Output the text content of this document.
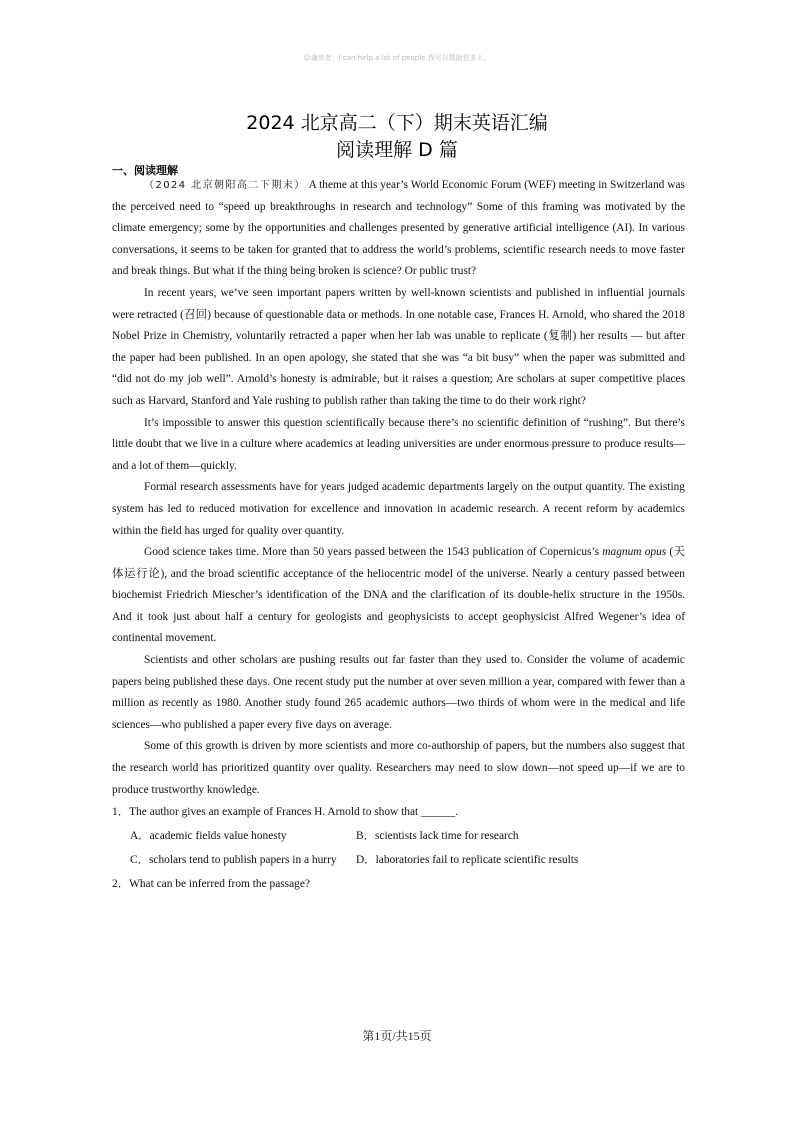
☺谦卑者：I can help a lot of people.我可以帮助很多人。
2024 北京高二（下）期末英语汇编
阅读理解 D 篇
一、阅读理解

（2024 北京朝阳高二下期末） A theme at this year’s World Economic Forum (WEF) meeting in Switzerland was the perceived need to “speed up breakthroughs in research and technology” Some of this framing was motivated by the climate emergency; some by the opportunities and challenges presented by generative artificial intelligence (AI). In various conversations, it seems to be taken for granted that to address the world’s problems, scientific research needs to move faster and break things. But what if the thing being broken is science? Or public trust?

In recent years, we’ve seen important papers written by well-known scientists and published in influential journals were retracted (召回) because of questionable data or methods. In one notable case, Frances H. Arnold, who shared the 2018 Nobel Prize in Chemistry, voluntarily retracted a paper when her lab was unable to replicate (复制) her results — but after the paper had been published. In an open apology, she stated that she was “a bit busy” when the paper was submitted and “did not do my job well”. Arnold’s honesty is admirable, but it raises a question; Are scholars at super competitive places such as Harvard, Stanford and Yale rushing to publish rather than taking the time to do their work right?

It’s impossible to answer this question scientifically because there’s no scientific definition of “rushing”. But there’s little doubt that we live in a culture where academics at leading universities are under enormous pressure to produce results—and a lot of them—quickly.

Formal research assessments have for years judged academic departments largely on the output quantity. The existing system has led to reduced motivation for excellence and innovation in academic research. A recent reform by academics within the field has urged for quality over quantity.

Good science takes time. More than 50 years passed between the 1543 publication of Copernicus’s magnum opus (天体运行论), and the broad scientific acceptance of the heliocentric model of the universe. Nearly a century passed between biochemist Friedrich Miescher’s identification of the DNA and the clarification of its double-helix structure in the 1950s. And it took just about half a century for geologists and geophysicists to accept geophysicist Alfred Wegener’s idea of continental movement.

Scientists and other scholars are pushing results out far faster than they used to. Consider the volume of academic papers being published these days. One recent study put the number at over seven million a year, compared with fewer than a million as recently as 1980. Another study found 265 academic authors—two thirds of whom were in the medical and life sciences—who published a paper every five days on average.

Some of this growth is driven by more scientists and more co-authorship of papers, but the numbers also suggest that the research world has prioritized quantity over quality. Researchers may need to slow down—not speed up—if we are to produce trustworthy knowledge.

1．The author gives an example of Frances H. Arnold to show that ______.
A．academic fields value honesty	B．scientists lack time for research
C．scholars tend to publish papers in a hurry	D．laboratories fail to replicate scientific results
2．What can be inferred from the passage?
第1页/共15页
